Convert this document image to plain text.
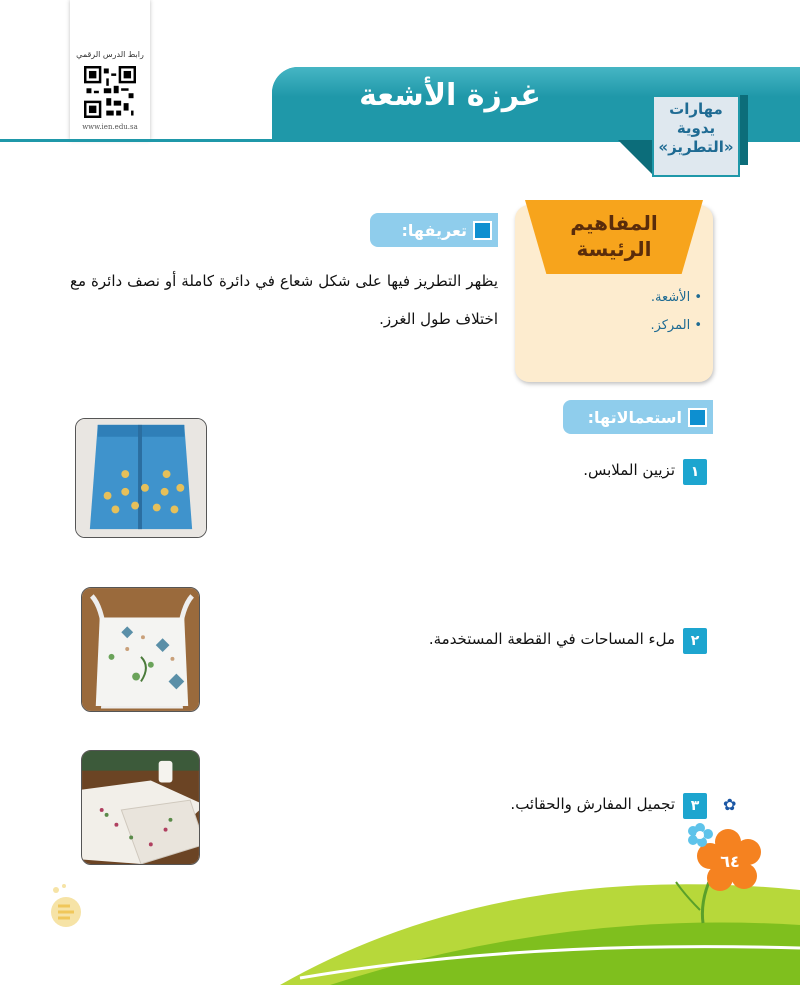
رابط الدرس الرقمي
www.ien.edu.sa
غرزة الأشعة	مهارات يدوية «التطريز»
المفاهيم الرئيسة
• الأشعة.
• المركز.
تعريفها:
يظهر التطريز فيها على شكل شعاع في دائرة كاملة أو نصف دائرة مع اختلاف طول الغرز.
استعمالاتها:
١
تزيين الملابس.
٢
ملء المساحات في القطعة المستخدمة.
✿
٣
تجميل المفارش والحقائب.
٦٤
